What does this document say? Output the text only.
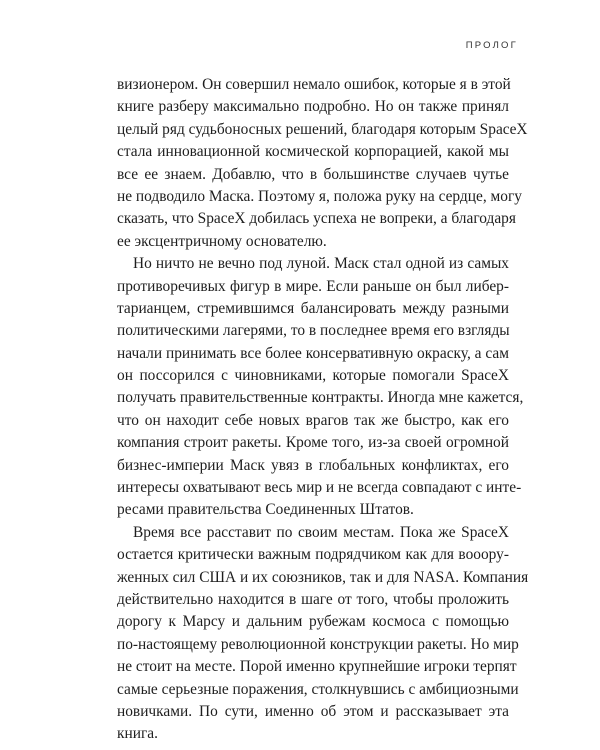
ПРОЛОГ
визионером. Он совершил немало ошибок, которые я в этой
книге разберу максимально подробно. Но он также принял
целый ряд судьбоносных решений, благодаря которым SpaceX
стала инновационной космической корпорацией, какой мы
все ее знаем. Добавлю, что в большинстве случаев чутье
не подводило Маска. Поэтому я, положа руку на сердце, могу
сказать, что SpaceX добилась успеха не вопреки, а благодаря
ее эксцентричному основателю.
Но ничто не вечно под луной. Маск стал одной из самых
противоречивых фигур в мире. Если раньше он был либер-
тарианцем, стремившимся балансировать между разными
политическими лагерями, то в последнее время его взгляды
начали принимать все более консервативную окраску, а сам
он поссорился с чиновниками, которые помогали SpaceX
получать правительственные контракты. Иногда мне кажется,
что он находит себе новых врагов так же быстро, как его
компания строит ракеты. Кроме того, из-за своей огромной
бизнес-империи Маск увяз в глобальных конфликтах, его
интересы охватывают весь мир и не всегда совпадают с инте-
ресами правительства Соединенных Штатов.
Время все расставит по своим местам. Пока же SpaceX
остается критически важным подрядчиком как для вооору-
женных сил США и их союзников, так и для NASA. Компания
действительно находится в шаге от того, чтобы проложить
дорогу к Марсу и дальним рубежам космоса с помощью
по-настоящему революционной конструкции ракеты. Но мир
не стоит на месте. Порой именно крупнейшие игроки терпят
самые серьезные поражения, столкнувшись с амбициозными
новичками. По сути, именно об этом и рассказывает эта
книга.
